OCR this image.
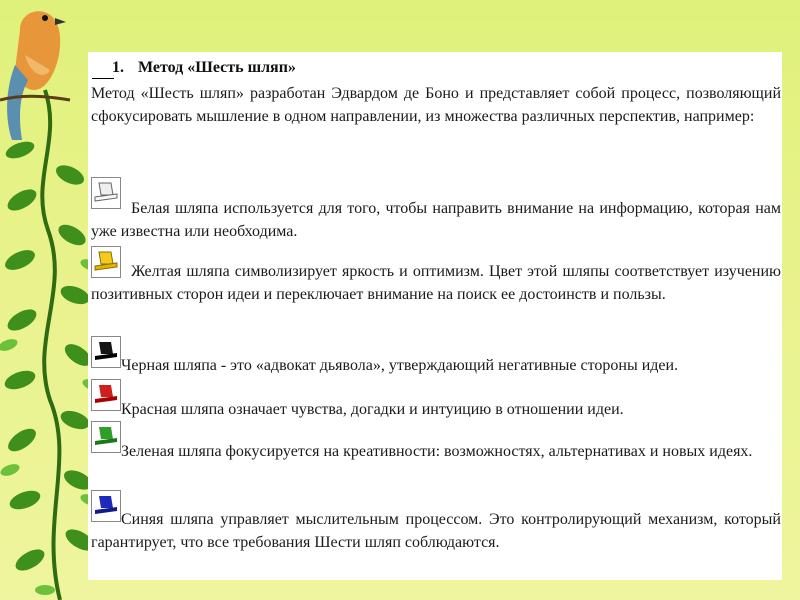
1. Метод «Шесть шляп»
Метод «Шесть шляп» разработан Эдвардом де Боно и представляет собой процесс, позволяющий сфокусировать мышление в одном направлении, из множества различных перспектив, например:
Белая шляпа используется для того, чтобы направить внимание на информацию, которая нам уже известна или необходима.
Желтая шляпа символизирует яркость и оптимизм. Цвет этой шляпы соответствует изучению позитивных сторон идеи и переключает внимание на поиск ее достоинств и пользы.
Черная шляпа - это «адвокат дьявола», утверждающий негативные стороны идеи.
Красная шляпа означает чувства, догадки и интуицию в отношении идеи.
Зеленая шляпа фокусируется на креативности: возможностях, альтернативах и новых идеях.
Синяя шляпа управляет мыслительным процессом. Это контролирующий механизм, который гарантирует, что все требования Шести шляп соблюдаются.
